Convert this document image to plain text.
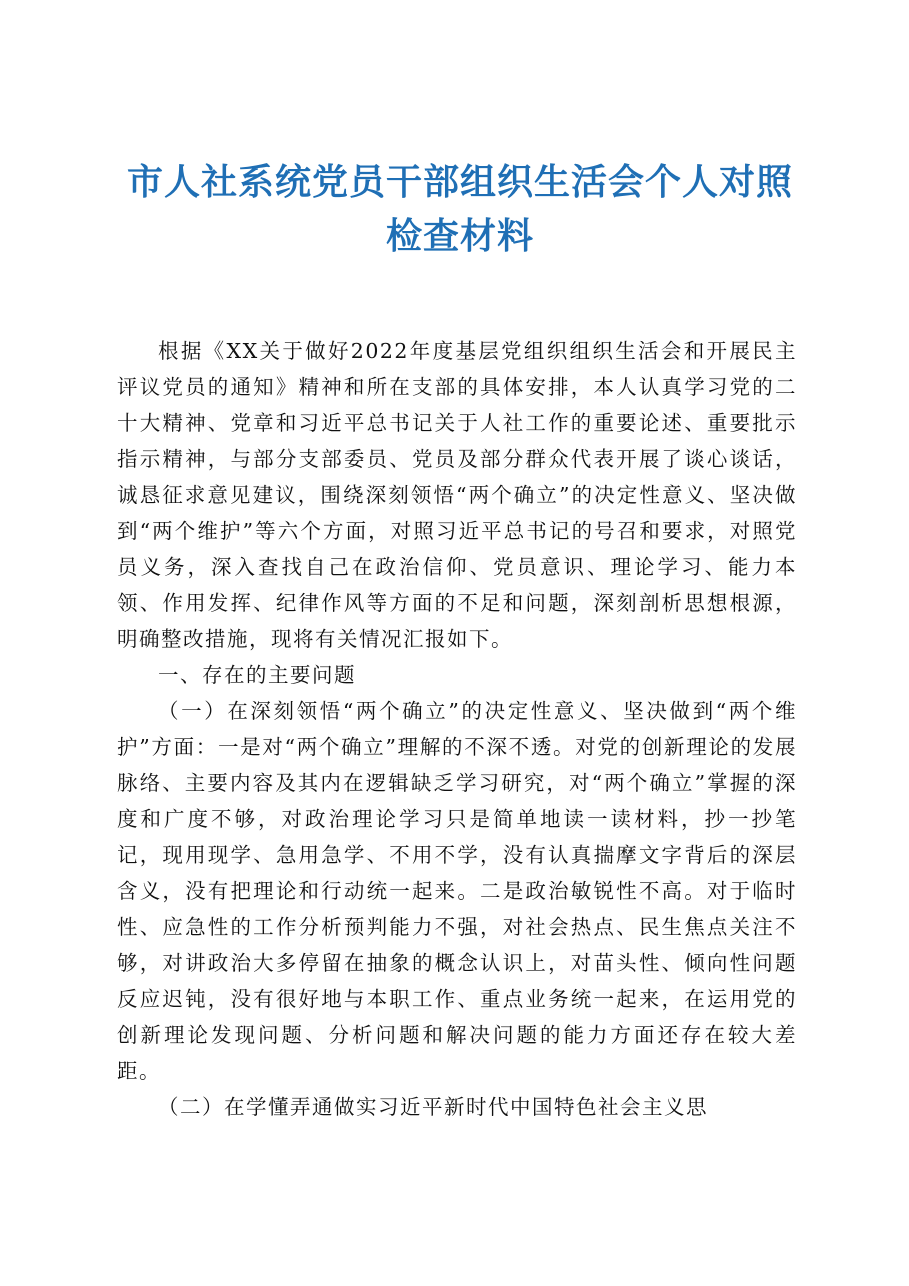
市人社系统党员干部组织生活会个人对照检查材料

根据《XX关于做好2022年度基层党组织组织生活会和开展民主评议党员的通知》精神和所在支部的具体安排，本人认真学习党的二十大精神、党章和习近平总书记关于人社工作的重要论述、重要批示指示精神，与部分支部委员、党员及部分群众代表开展了谈心谈话，诚恳征求意见建议，围绕深刻领悟“两个确立”的决定性意义、坚决做到“两个维护”等六个方面，对照习近平总书记的号召和要求，对照党员义务，深入查找自己在政治信仰、党员意识、理论学习、能力本领、作用发挥、纪律作风等方面的不足和问题，深刻剖析思想根源，明确整改措施，现将有关情况汇报如下。

一、存在的主要问题

（一）在深刻领悟“两个确立”的决定性意义、坚决做到“两个维护”方面：一是对“两个确立”理解的不深不透。对党的创新理论的发展脉络、主要内容及其内在逻辑缺乏学习研究，对“两个确立”掌握的深度和广度不够，对政治理论学习只是简单地读一读材料，抄一抄笔记，现用现学、急用急学、不用不学，没有认真揣摩文字背后的深层含义，没有把理论和行动统一起来。二是政治敏锐性不高。对于临时性、应急性的工作分析预判能力不强，对社会热点、民生焦点关注不够，对讲政治大多停留在抽象的概念认识上，对苗头性、倾向性问题反应迟钝，没有很好地与本职工作、重点业务统一起来，在运用党的创新理论发现问题、分析问题和解决问题的能力方面还存在较大差距。

（二）在学懂弄通做实习近平新时代中国特色社会主义思
